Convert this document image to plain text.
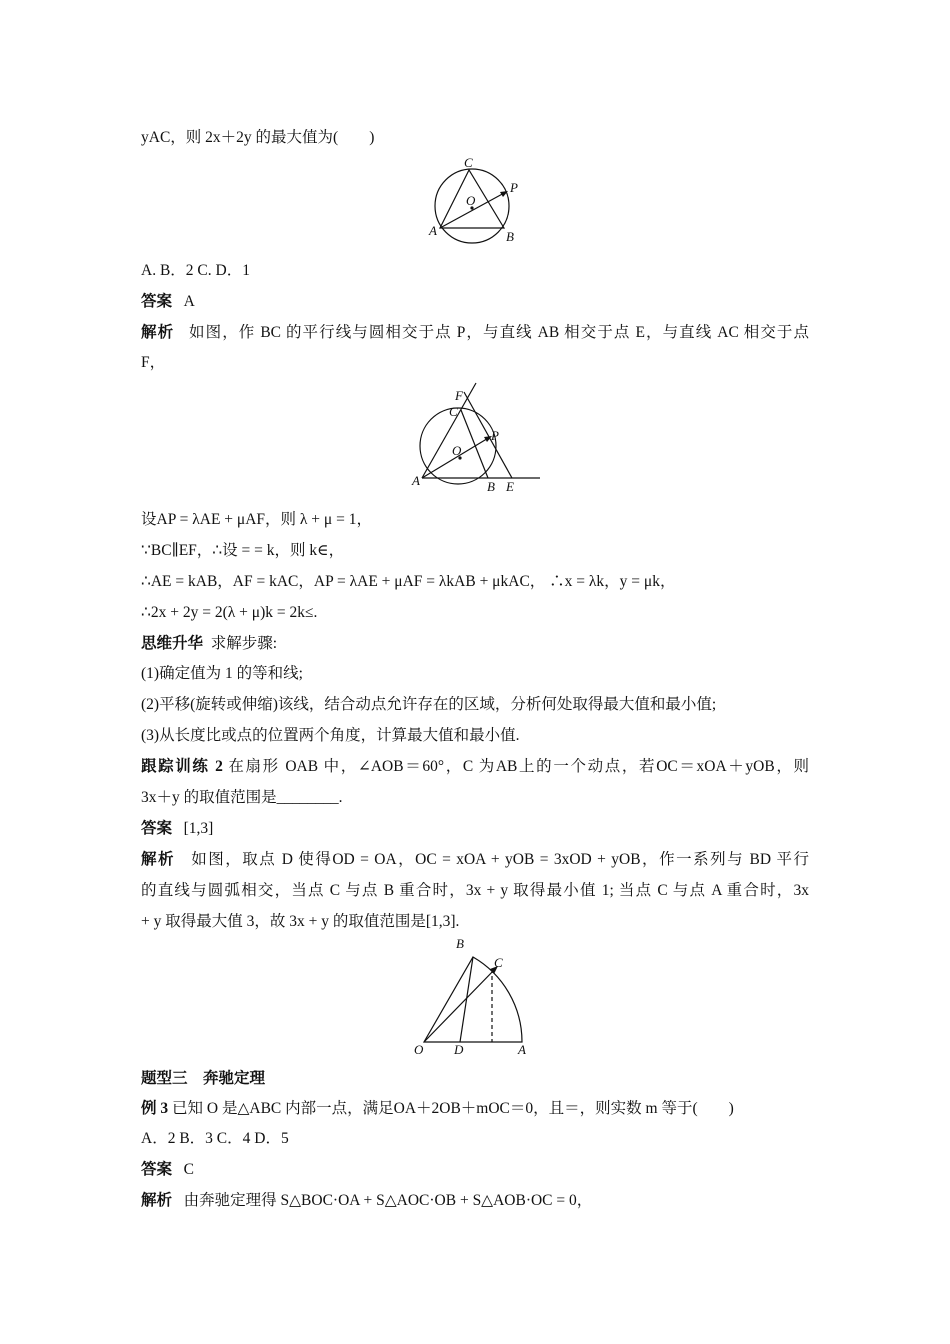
yAC，则 2x＋2y 的最大值为(　　)
C
P
O
A	B
A. B．2 C. D．1
答案 A
解析 如图，作 BC 的平行线与圆相交于点 P，与直线 AB 相交于点 E，与直线 AC 相交于点
F，
F
C
P
O
A	B E
设AP = λAE + μAF，则 λ + μ = 1，
∵BC∥EF，∴设 = = k，则 k∈，
∴AE = kAB，AF = kAC，AP = λAE + μAF = λkAB + μkAC， ∴x = λk，y = μk，
∴2x + 2y = 2(λ + μ)k = 2k≤.
思维升华 求解步骤:
(1)确定值为 1 的等和线;
(2)平移(旋转或伸缩)该线，结合动点允许存在的区域，分析何处取得最大值和最小值;
(3)从长度比或点的位置两个角度，计算最大值和最小值.
跟踪训练 2 在扇形 OAB 中，∠AOB＝60°，C 为AB上的一个动点，若OC＝xOA＋yOB，则
3x＋y 的取值范围是________.
答案 [1,3]
解析 如图，取点 D 使得OD = OA，OC = xOA + yOB = 3xOD + yOB，作一系列与 BD 平行
的直线与圆弧相交，当点 C 与点 B 重合时，3x + y 取得最小值 1; 当点 C 与点 A 重合时，3x
+ y 取得最大值 3，故 3x + y 的取值范围是[1,3].
B
C
O D	A
题型三　奔驰定理
例 3 已知 O 是△ABC 内部一点，满足OA＋2OB＋mOC＝0，且＝，则实数 m 等于(　　)
A．2 B．3 C．4 D．5
答案 C
解析 由奔驰定理得 S△BOC·OA + S△AOC·OB + S△AOB·OC = 0，
